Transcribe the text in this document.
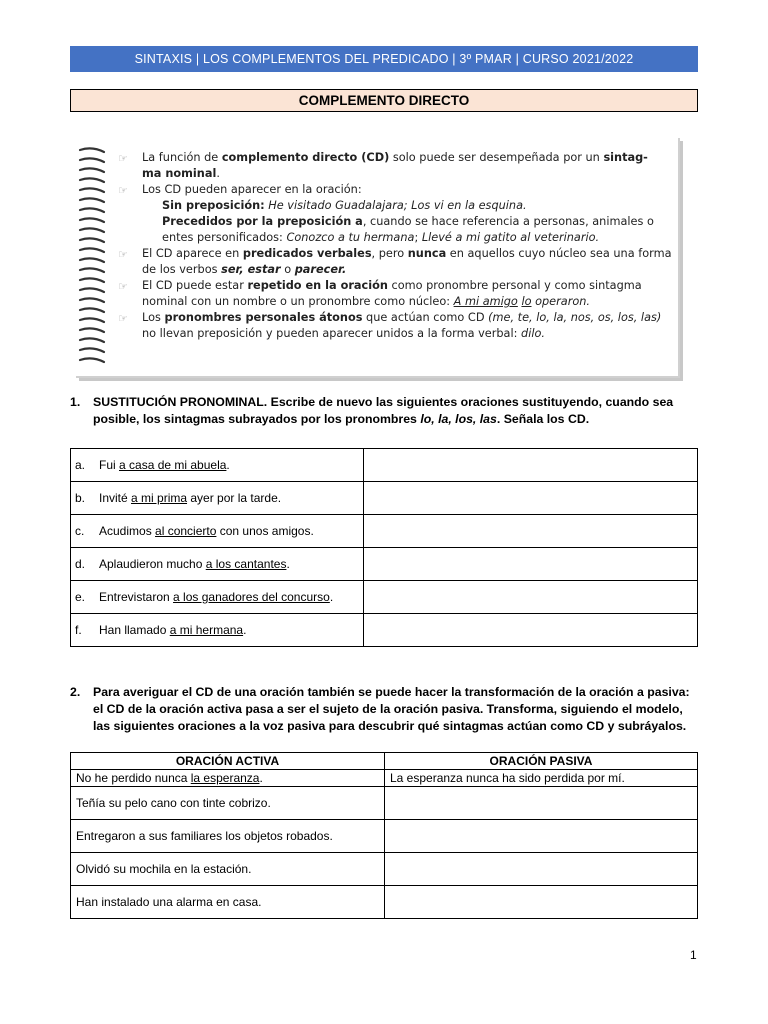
SINTAXIS | LOS COMPLEMENTOS DEL PREDICADO | 3º PMAR | CURSO 2021/2022
COMPLEMENTO DIRECTO
☞ La función de complemento directo (CD) solo puede ser desempeñada por un sintag-
ma nominal.
☞ Los CD pueden aparecer en la oración:
Sin preposición: He visitado Guadalajara; Los vi en la esquina.
Precedidos por la preposición a, cuando se hace referencia a personas, animales o entes personificados: Conozco a tu hermana; Llevé a mi gatito al veterinario.
☞ El CD aparece en predicados verbales, pero nunca en aquellos cuyo núcleo sea una forma de los verbos ser, estar o parecer.
☞ El CD puede estar repetido en la oración como pronombre personal y como sintagma nominal con un nombre o un pronombre como núcleo: A mi amigo lo operaron.
☞ Los pronombres personales átonos que actúan como CD (me, te, lo, la, nos, os, los, las) no llevan preposición y pueden aparecer unidos a la forma verbal: dilo.
1. SUSTITUCIÓN PRONOMINAL. Escribe de nuevo las siguientes oraciones sustituyendo, cuando sea posible, los sintagmas subrayados por los pronombres lo, la, los, las. Señala los CD.
a. Fui a casa de mi abuela.	
b. Invité a mi prima ayer por la tarde.	
c. Acudimos al concierto con unos amigos.	
d. Aplaudieron mucho a los cantantes.	
e. Entrevistaron a los ganadores del concurso.	
f. Han llamado a mi hermana.	
2. Para averiguar el CD de una oración también se puede hacer la transformación de la oración a pasiva: el CD de la oración activa pasa a ser el sujeto de la oración pasiva. Transforma, siguiendo el modelo, las siguientes oraciones a la voz pasiva para descubrir qué sintagmas actúan como CD y subráyalos.
ORACIÓN ACTIVA	ORACIÓN PASIVA
No he perdido nunca la esperanza.	La esperanza nunca ha sido perdida por mí.
Teñía su pelo cano con tinte cobrizo.	
Entregaron a sus familiares los objetos robados.	
Olvidó su mochila en la estación.	
Han instalado una alarma en casa.	
1
